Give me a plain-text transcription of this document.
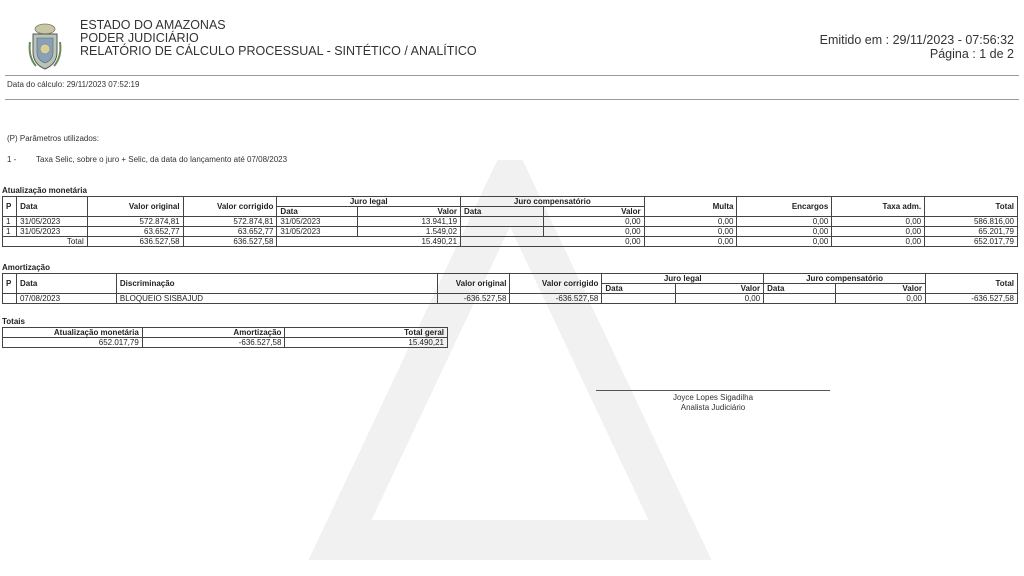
ESTADO DO AMAZONAS
PODER JUDICIÁRIO
RELATÓRIO DE CÁLCULO PROCESSUAL - SINTÉTICO / ANALÍTICO
Emitido em : 29/11/2023 - 07:56:32
Página : 1 de 2
Data do cálculo: 29/11/2023 07:52:19
(P) Parâmetros utilizados:
1 - Taxa Selic, sobre o juro + Selic, da data do lançamento até 07/08/2023
Atualização monetária
P	Data	Valor original	Valor corrigido	Juro legal		Juro compensatório		Multa	Encargos	Taxa adm.	Total
				Data	Valor	Data	Valor				
1	31/05/2023	572.874,81	572.874,81	31/05/2023	13.941,19		0,00	0,00	0,00	0,00	586.816,00
1	31/05/2023	63.652,77	63.652,77	31/05/2023	1.549,02		0,00	0,00	0,00	0,00	65.201,79
Total		636.527,58	636.527,58	15.490,21		0,00		0,00	0,00	0,00	652.017,79
Amortização
P	Data	Discriminação	Valor original	Valor corrigido	Juro legal		Juro compensatório		Total
					Data	Valor	Data	Valor	
	07/08/2023	BLOQUEIO SISBAJUD	-636.527,58	-636.527,58		0,00		0,00	-636.527,58
Totais
Atualização monetária	Amortização	Total geral
652.017,79	-636.527,58	15.490,21
Joyce Lopes Sigadilha
Analista Judiciário
